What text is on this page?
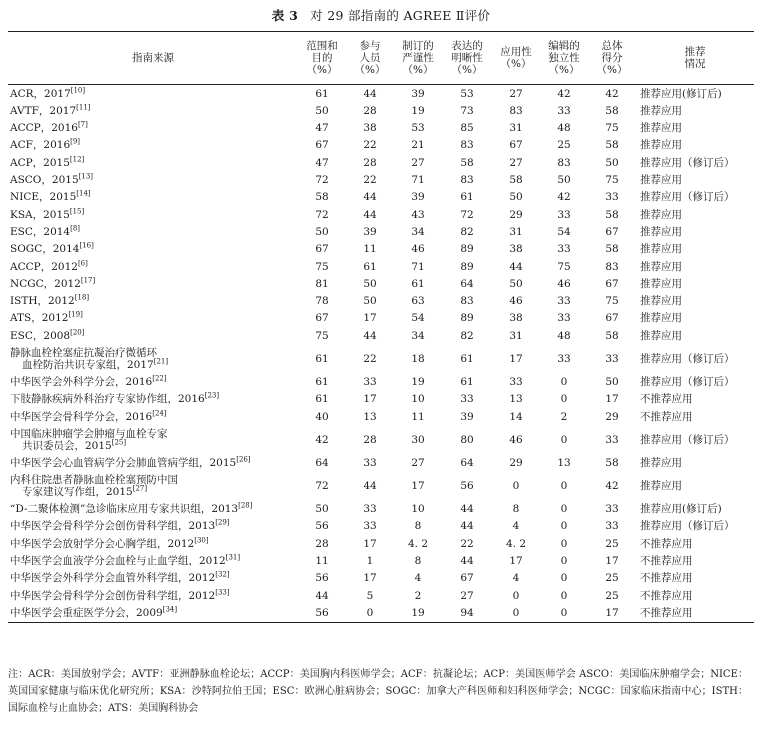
表 3 对 29 部指南的 AGREE Ⅱ评价
指南来源	范围和
目的
（%）	参与
人员
（%）	制订的
严谨性
（%）	表达的
明晰性
（%）	应用性
（%）	编辑的
独立性
（%）	总体
得分
（%）	推荐
情况

ACR，2017[10]	61	44	39	53	27	42	42	推荐应用(修订后)

AVTF，2017[11]	50	28	19	73	83	33	58	推荐应用

ACCP，2016[7]	47	38	53	85	31	48	75	推荐应用

ACF，2016[9]	67	22	21	83	67	25	58	推荐应用

ACP，2015[12]	47	28	27	58	27	83	50	推荐应用（修订后）

ASCO，2015[13]	72	22	71	83	58	50	75	推荐应用

NICE，2015[14]	58	44	39	61	50	42	33	推荐应用（修订后）

KSA，2015[15]	72	44	43	72	29	33	58	推荐应用

ESC，2014[8]	50	39	34	82	31	54	67	推荐应用

SOGC，2014[16]	67	11	46	89	38	33	58	推荐应用

ACCP，2012[6]	75	61	71	89	44	75	83	推荐应用

NCGC，2012[17]	81	50	61	64	50	46	67	推荐应用

ISTH，2012[18]	78	50	63	83	46	33	75	推荐应用

ATS，2012[19]	67	17	54	89	38	33	67	推荐应用

ESC，2008[20]	75	44	34	82	31	48	58	推荐应用

静脉血栓栓塞症抗凝治疗微循环
血栓防治共识专家组，2017[21]	61	22	18	61	17	33	33	推荐应用（修订后）

中华医学会外科学分会，2016[22]	61	33	19	61	33	0	50	推荐应用（修订后）

下肢静脉疾病外科治疗专家协作组，2016[23]	61	17	10	33	13	0	17	不推荐应用

中华医学会骨科学分会，2016[24]	40	13	11	39	14	2	29	不推荐应用

中国临床肿瘤学会肿瘤与血栓专家
共识委员会，2015[25]	42	28	30	80	46	0	33	推荐应用（修订后）

中华医学会心血管病学分会肺血管病学组，2015[26]	64	33	27	64	29	13	58	推荐应用

内科住院患者静脉血栓栓塞预防中国
专家建议写作组，2015[27]	72	44	17	56	0	0	42	推荐应用

“D-二聚体检测”急诊临床应用专家共识组，2013[28]	50	33	10	44	8	0	33	推荐应用(修订后)

中华医学会骨科学分会创伤骨科学组，2013[29]	56	33	8	44	4	0	33	推荐应用（修订后）

中华医学会放射学分会心胸学组，2012[30]	28	17	4. 2	22	4. 2	0	25	不推荐应用

中华医学会血液学分会血栓与止血学组，2012[31]	11	1	8	44	17	0	17	不推荐应用

中华医学会外科学分会血管外科学组，2012[32]	56	17	4	67	4	0	25	不推荐应用

中华医学会骨科学分会创伤骨科学组，2012[33]	44	5	2	27	0	0	25	不推荐应用

中华医学会重症医学分会，2009[34]	56	0	19	94	0	0	17	不推荐应用
注：ACR：美国放射学会；AVTF：亚洲静脉血栓论坛；ACCP：美国胸内科医师学会；ACF：抗凝论坛；ACP：美国医师学会 ASCO：美国临床肿瘤学会；NICE：英国国家健康与临床优化研究所；KSA：沙特阿拉伯王国；ESC：欧洲心脏病协会；SOGC：加拿大产科医师和妇科医师学会；NCGC：国家临床指南中心；ISTH：国际血栓与止血协会；ATS：美国胸科协会
